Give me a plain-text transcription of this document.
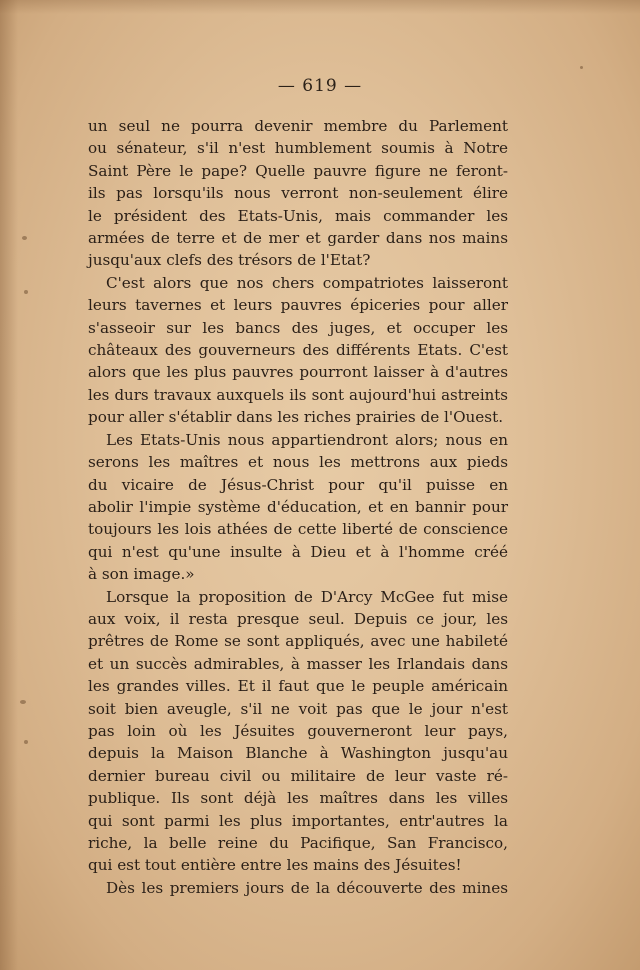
— 619 —
un seul ne pourra devenir membre du Parlement
ou sénateur, s'il n'est humblement soumis à Notre
Saint Père le pape? Quelle pauvre figure ne feront-
ils pas lorsqu'ils nous verront non-seulement élire
le président des Etats-Unis, mais commander les
armées de terre et de mer et garder dans nos mains
jusqu'aux clefs des trésors de l'Etat?
C'est alors que nos chers compatriotes laisseront
leurs tavernes et leurs pauvres épiceries pour aller
s'asseoir sur les bancs des juges, et occuper les
châteaux des gouverneurs des différents Etats. C'est
alors que les plus pauvres pourront laisser à d'autres
les durs travaux auxquels ils sont aujourd'hui astreints
pour aller s'établir dans les riches prairies de l'Ouest.
Les Etats-Unis nous appartiendront alors; nous en
serons les maîtres et nous les mettrons aux pieds
du vicaire de Jésus-Christ pour qu'il puisse en
abolir l'impie système d'éducation, et en bannir pour
toujours les lois athées de cette liberté de conscience
qui n'est qu'une insulte à Dieu et à l'homme créé
à son image.»
Lorsque la proposition de D'Arcy McGee fut mise
aux voix, il resta presque seul. Depuis ce jour, les
prêtres de Rome se sont appliqués, avec une habileté
et un succès admirables, à masser les Irlandais dans
les grandes villes. Et il faut que le peuple américain
soit bien aveugle, s'il ne voit pas que le jour n'est
pas loin où les Jésuites gouverneront leur pays,
depuis la Maison Blanche à Washington jusqu'au
dernier bureau civil ou militaire de leur vaste ré-
publique. Ils sont déjà les maîtres dans les villes
qui sont parmi les plus importantes, entr'autres la
riche, la belle reine du Pacifique, San Francisco,
qui est tout entière entre les mains des Jésuites!
Dès les premiers jours de la découverte des mines
